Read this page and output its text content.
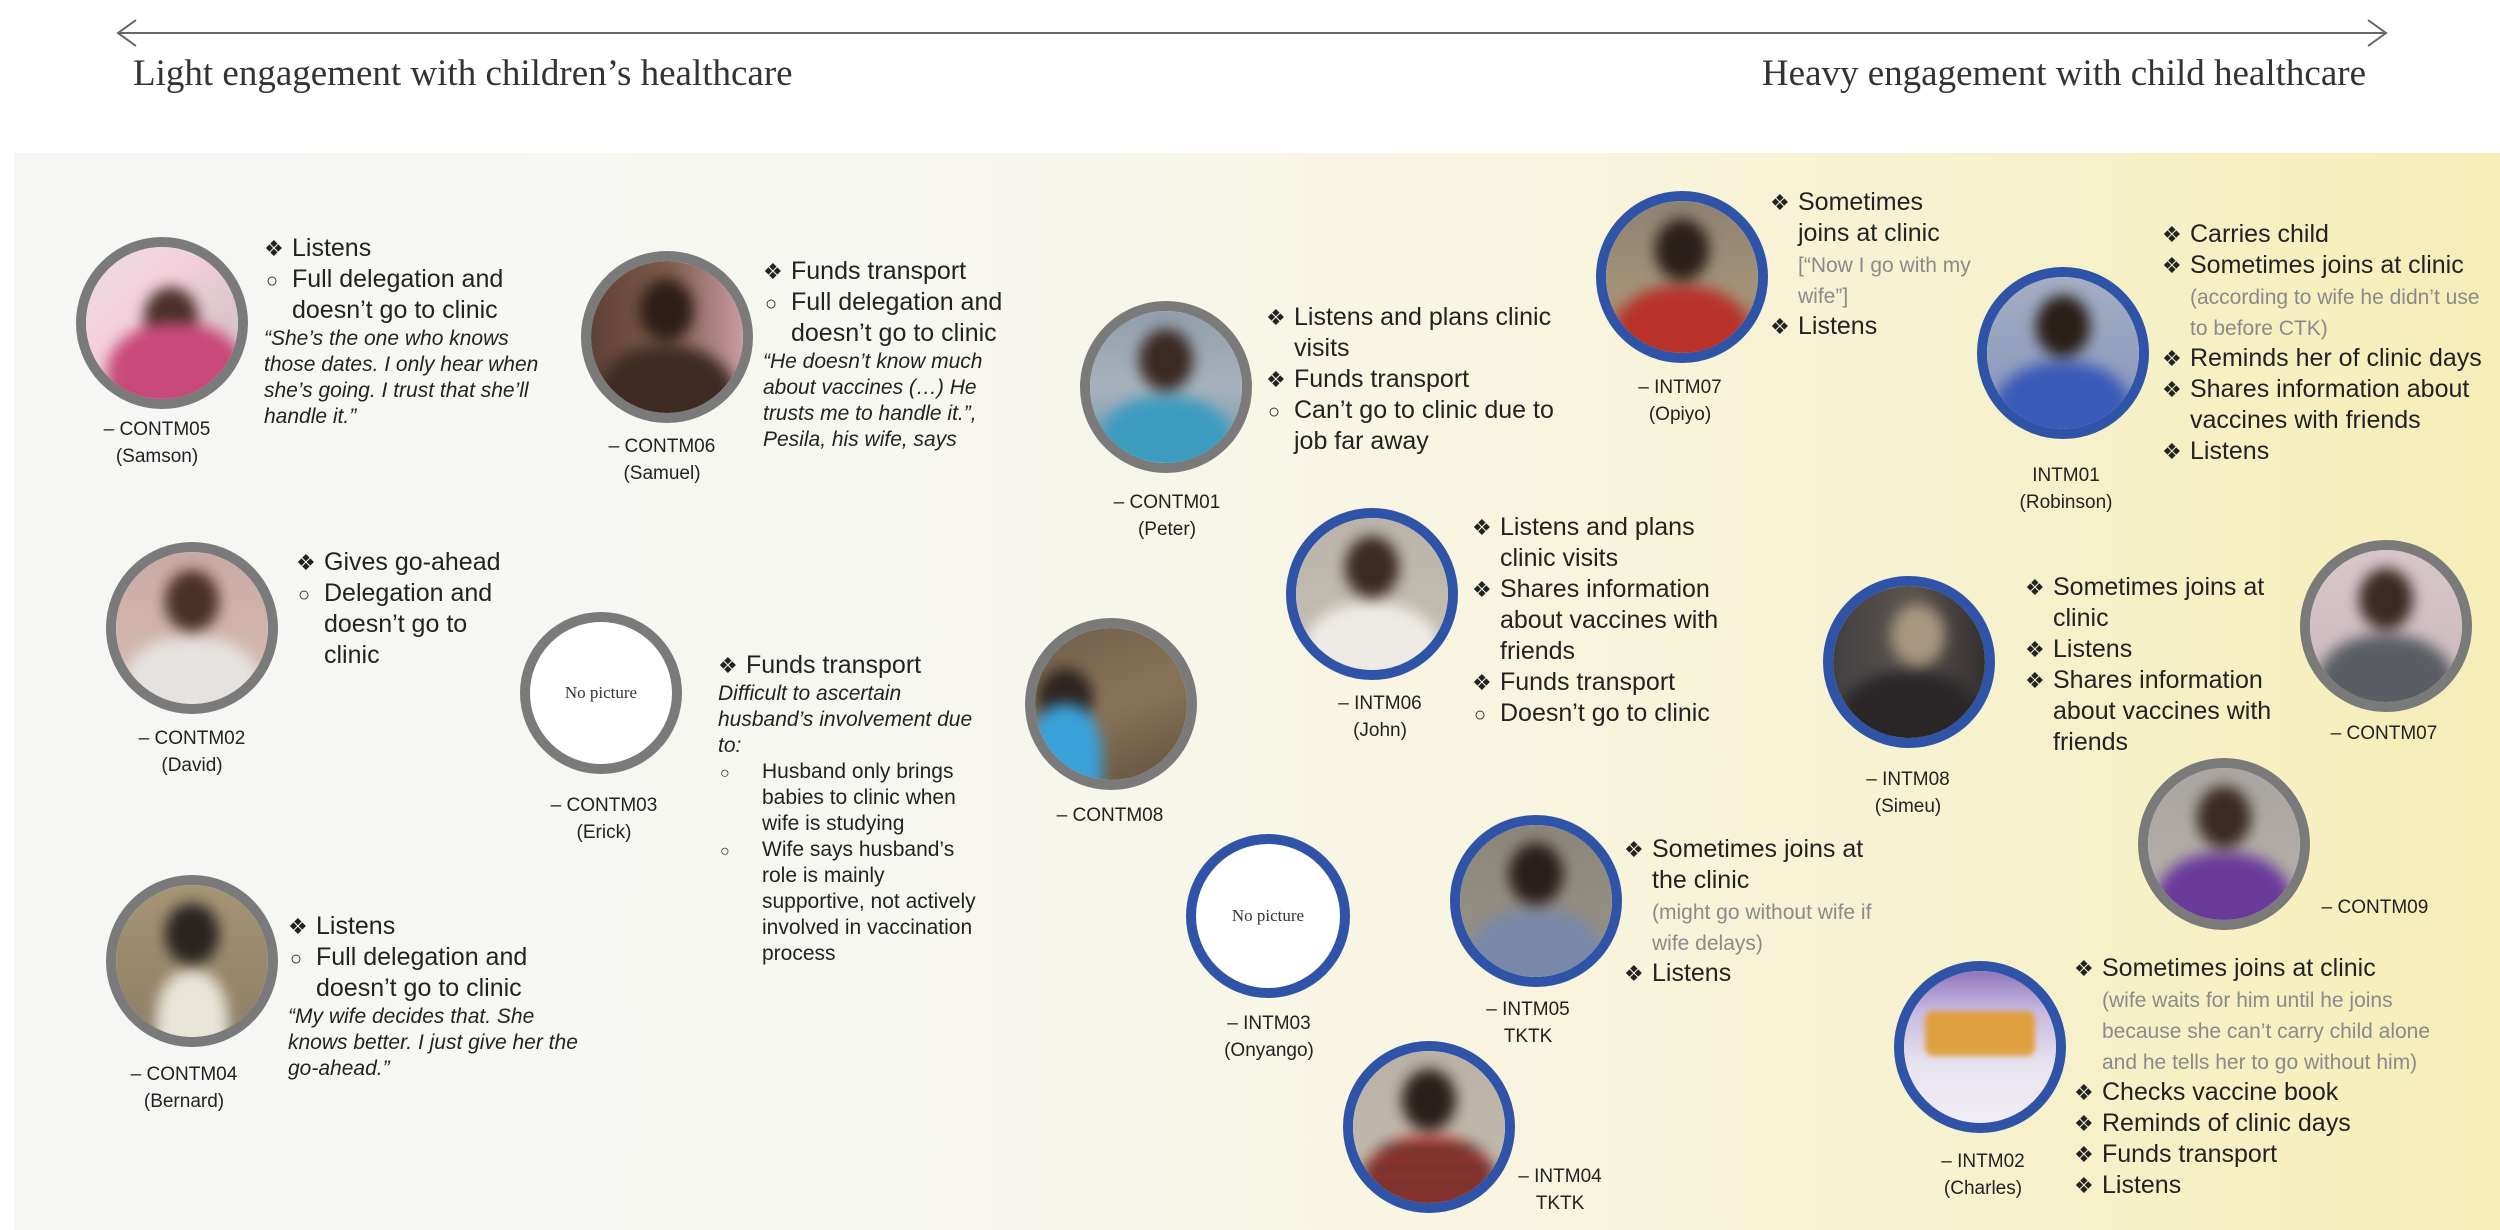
Light engagement with children’s healthcare	Heavy engagement with child healthcare
No picture
No picture
– CONTM05
(Samson)	– CONTM06
(Samuel)
– CONTM01
(Peter)
– INTM07
(Opiyo)
INTM01
(Robinson)
– CONTM02
(David)
– CONTM03
(Erick)
– CONTM08
– INTM06
(John)
– INTM08
(Simeu)
– CONTM07
– CONTM09
– CONTM04
(Bernard)
– INTM03
(Onyango)
– INTM05
TKTK
– INTM04
TKTK
– INTM02
(Charles)
❖ Listens
○ Full delegation and doesn’t go to clinic
“She’s the one who knows those dates. I only hear when she’s going. I trust that she’ll handle it.”
❖ Funds transport
○ Full delegation and doesn’t go to clinic
“He doesn’t know much about vaccines (…) He trusts me to handle it.”, Pesila, his wife, says
❖ Listens and plans clinic visits
❖ Funds transport
○ Can’t go to clinic due to job far away
❖ Sometimes joins at clinic
[“Now I go with my wife”]
❖ Listens
❖ Carries child
❖ Sometimes joins at clinic
(according to wife he didn’t use to before CTK)
❖ Reminds her of clinic days
❖ Shares information about vaccines with friends
❖ Listens
❖ Gives go-ahead
○ Delegation and doesn’t go to clinic	❖ Funds transport
Difficult to ascertain husband’s involvement due to:
○ Husband only brings babies to clinic when wife is studying
○ Wife says husband’s role is mainly supportive, not actively involved in vaccination process
❖ Listens and plans clinic visits
❖ Shares information about vaccines with friends
❖ Funds transport
○ Doesn’t go to clinic
❖ Sometimes joins at clinic
❖ Listens
❖ Shares information about vaccines with friends
❖ Listens
○ Full delegation and doesn’t go to clinic
“My wife decides that. She knows better. I just give her the go-ahead.”
❖ Sometimes joins at the clinic
(might go without wife if wife delays)
❖ Listens	❖ Sometimes joins at clinic
(wife waits for him until he joins because she can’t carry child alone and he tells her to go without him)
❖ Checks vaccine book
❖ Reminds of clinic days
❖ Funds transport
❖ Listens
